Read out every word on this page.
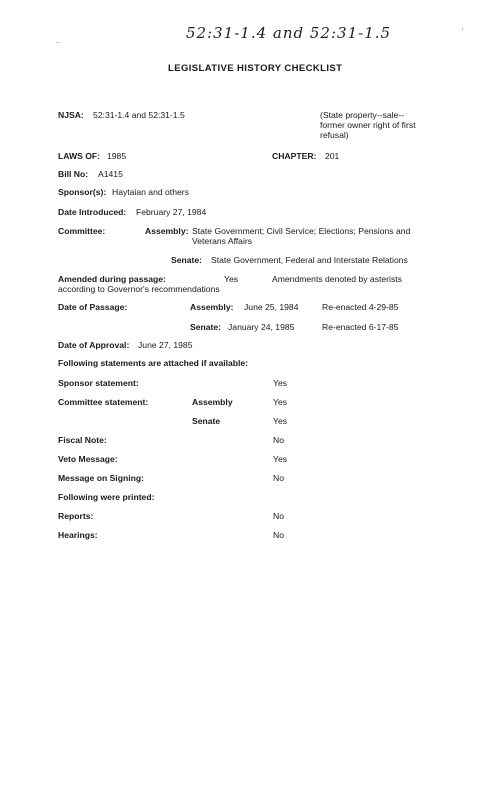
..
‘
52:31-1.4 and 52:31-1.5
LEGISLATIVE HISTORY CHECKLIST
NJSA: 52:31-1.4 and 52:31-1.5	(State property--sale--
former owner right of first
refusal)
LAWS OF: 1985	CHAPTER: 201
Bill No: A1415
Sponsor(s): Haytaian and others
Date Introduced: February 27, 1984
Committee:	Assembly: State Government; Civil Service; Elections; Pensions and
Veterans Affairs
Senate: State Government, Federal and Interstate Relations
Amended during passage:	Yes	Amendments denoted by asterists
according to Governor's recommendations
Date of Passage:	Assembly: June 25, 1984	Re-enacted 4-29-85
Senate: January 24, 1985	Re-enacted 6-17-85
Date of Approval: June 27, 1985
Following statements are attached if available:
Sponsor statement:	Yes
Committee statement:	Assembly	Yes
Senate	Yes
Fiscal Note:	No
Veto Message:	Yes
Message on Signing:	No
Following were printed:
Reports:	No
Hearings:	No
